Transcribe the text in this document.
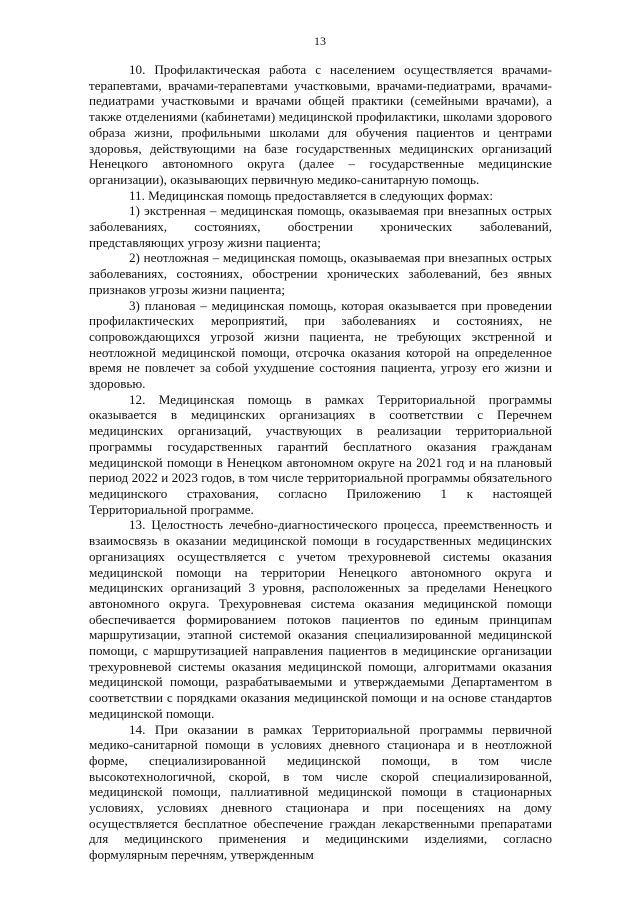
13

10. Профилактическая работа с населением осуществляется врачами-терапевтами, врачами-терапевтами участковыми, врачами-педиатрами, врачами-педиатрами участковыми и врачами общей практики (семейными врачами), а также отделениями (кабинетами) медицинской профилактики, школами здорового образа жизни, профильными школами для обучения пациентов и центрами здоровья, действующими на базе государственных медицинских организаций Ненецкого автономного округа (далее – государственные медицинские организации), оказывающих первичную медико-санитарную помощь.

11. Медицинская помощь предоставляется в следующих формах:

1) экстренная – медицинская помощь, оказываемая при внезапных острых заболеваниях, состояниях, обострении хронических заболеваний, представляющих угрозу жизни пациента;

2) неотложная – медицинская помощь, оказываемая при внезапных острых заболеваниях, состояниях, обострении хронических заболеваний, без явных признаков угрозы жизни пациента;

3) плановая – медицинская помощь, которая оказывается при проведении профилактических мероприятий, при заболеваниях и состояниях, не сопровождающихся угрозой жизни пациента, не требующих экстренной и неотложной медицинской помощи, отсрочка оказания которой на определенное время не повлечет за собой ухудшение состояния пациента, угрозу его жизни и здоровью.

12. Медицинская помощь в рамках Территориальной программы оказывается в медицинских организациях в соответствии с Перечнем медицинских организаций, участвующих в реализации территориальной программы государственных гарантий бесплатного оказания гражданам медицинской помощи в Ненецком автономном округе на 2021 год и на плановый период 2022 и 2023 годов, в том числе территориальной программы обязательного медицинского страхования, согласно Приложению 1 к настоящей Территориальной программе.

13. Целостность лечебно-диагностического процесса, преемственность и взаимосвязь в оказании медицинской помощи в государственных медицинских организациях осуществляется с учетом трехуровневой системы оказания медицинской помощи на территории Ненецкого автономного округа и медицинских организаций 3 уровня, расположенных за пределами Ненецкого автономного округа. Трехуровневая система оказания медицинской помощи обеспечивается формированием потоков пациентов по единым принципам маршрутизации, этапной системой оказания специализированной медицинской помощи, с маршрутизацией направления пациентов в медицинские организации трехуровневой системы оказания медицинской помощи, алгоритмами оказания медицинской помощи, разрабатываемыми и утверждаемыми Департаментом в соответствии с порядками оказания медицинской помощи и на основе стандартов медицинской помощи.

14. При оказании в рамках Территориальной программы первичной медико-санитарной помощи в условиях дневного стационара и в неотложной форме, специализированной медицинской помощи, в том числе высокотехнологичной, скорой, в том числе скорой специализированной, медицинской помощи, паллиативной медицинской помощи в стационарных условиях, условиях дневного стационара и при посещениях на дому осуществляется бесплатное обеспечение граждан лекарственными препаратами для медицинского применения и медицинскими изделиями, согласно формулярным перечням, утвержденным
